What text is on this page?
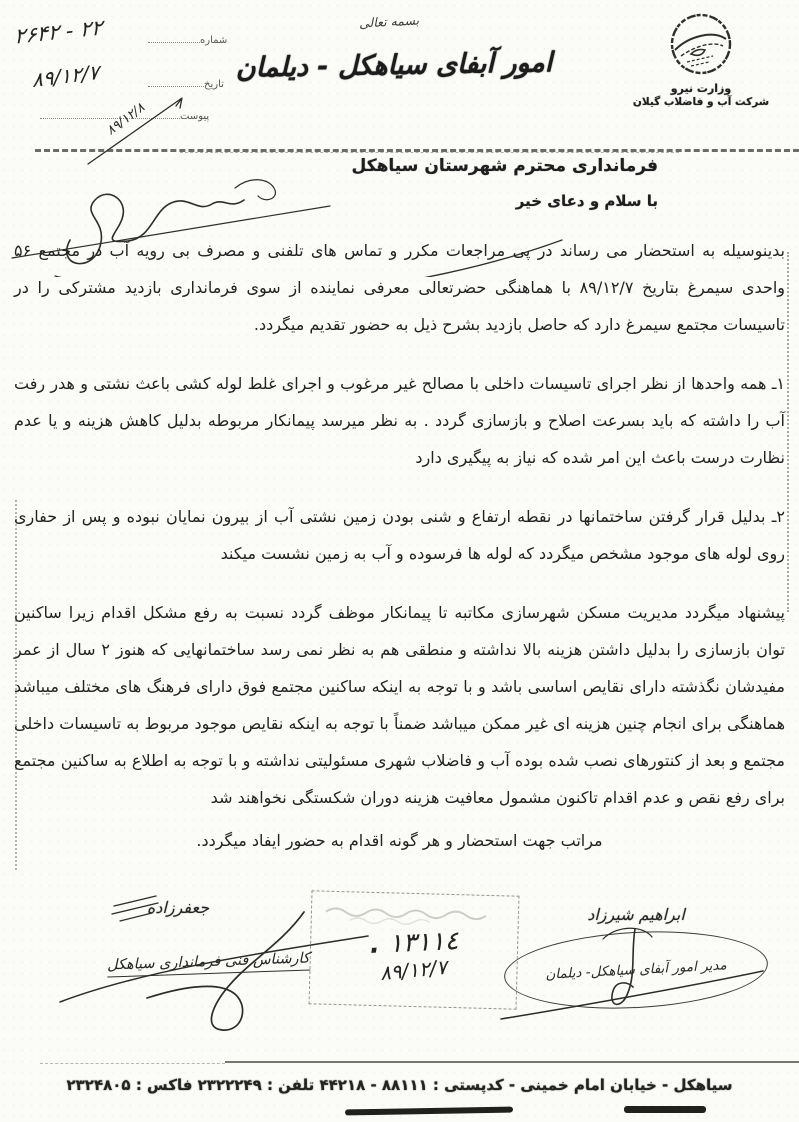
وزارت نیرو
شرکت آب و فاضلاب گیلان
بسمه تعالی
امور آبفای سیاهکل - دیلمان
۲۶۴۲ - ۲۲	شماره
۸۹/۱۲/۷	تاریخ
پیوست
۸۹/۱۲/۸
فرمانداری محترم شهرستان سیاهکل
با سلام و دعای خیر

بدینوسیله به استحضار می رساند در پی مراجعات مکرر و تماس های تلفنی و مصرف بی رویه آب در مجتمع ۵۶ واحدی سیمرغ بتاریخ ۸۹/۱۲/۷ با هماهنگی حضرتعالی معرفی نماینده از سوی فرمانداری بازدید مشترکی را در تاسیسات مجتمع سیمرغ دارد که حاصل بازدید بشرح ذیل به حضور تقدیم میگردد.

۱ـ همه واحدها از نظر اجرای تاسیسات داخلی با مصالح غیر مرغوب و اجرای غلط لوله کشی باعث نشتی و هدر رفت آب را داشته که باید بسرعت اصلاح و بازسازی گردد . به نظر میرسد پیمانکار مربوطه بدلیل کاهش هزینه و یا عدم نظارت درست باعث این امر شده که نیاز به پیگیری دارد

۲ـ بدلیل قرار گرفتن ساختمانها در نقطه ارتفاع و شنی بودن زمین نشتی آب از بیرون نمایان نبوده و پس از حفاری روی لوله های موجود مشخص میگردد که لوله ها فرسوده و آب به زمین نشست میکند

پیشنهاد میگردد مدیریت مسکن شهرسازی مکاتبه تا پیمانکار موظف گردد نسبت به رفع مشکل اقدام زیرا ساکنین توان بازسازی را بدلیل داشتن هزینه بالا نداشته و منطقی هم به نظر نمی رسد ساختمانهایی که هنوز ۲ سال از عمر مفیدشان نگذشته دارای نقایص اساسی باشد و با توجه به اینکه ساکنین مجتمع فوق دارای فرهنگ های مختلف میباشد هماهنگی برای انجام چنین هزینه ای غیر ممکن میباشد ضمناً با توجه به اینکه نقایص موجود مربوط به تاسیسات داخلی مجتمع و بعد از کنتورهای نصب شده بوده آب و فاضلاب شهری مسئولیتی نداشته و با توجه به اطلاع به ساکنین مجتمع برای رفع نقص و عدم اقدام تاکنون مشمول معافیت هزینه دوران شکستگی نخواهند شد

مراتب جهت استحضار و هر گونه اقدام به حضور ایفاد میگردد.

ابراهیم شیرزاد
مدیر امور آبفای سیاهکل- دیلمان
۱۳۱۱٤ .
۸۹/۱۲/۷
جعفرزاده
کارشناس فنی فرمانداری سیاهکل
سیاهکل - خیابان امام خمینی - کدپستی : ۸۸۱۱۱ - ۴۴۲۱۸ تلفن : ۲۳۲۲۲۴۹ فاکس : ۲۳۲۴۸۰۵
